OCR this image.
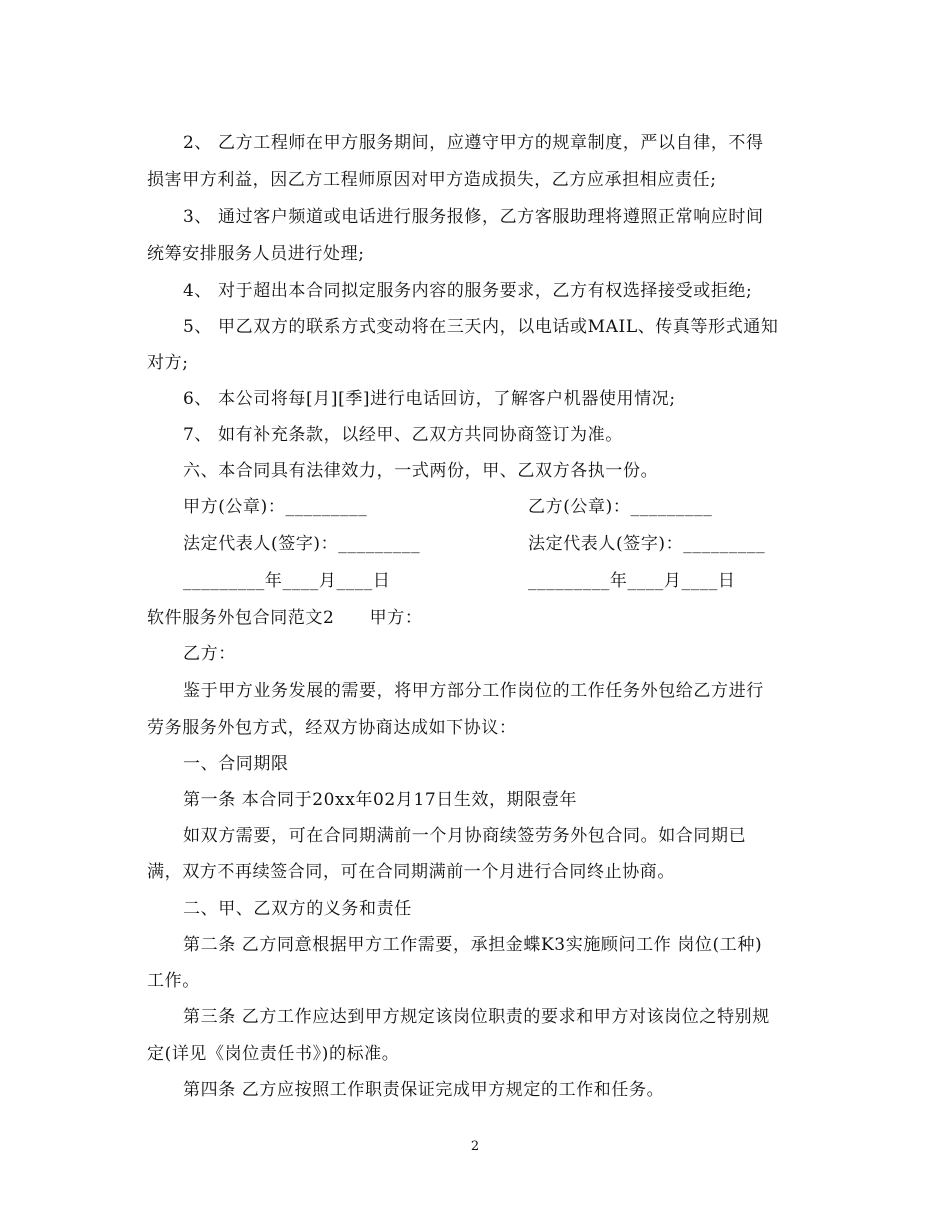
2、 乙方工程师在甲方服务期间，应遵守甲方的规章制度，严以自律，不得
损害甲方利益，因乙方工程师原因对甲方造成损失，乙方应承担相应责任;
3、 通过客户频道或电话进行服务报修，乙方客服助理将遵照正常响应时间
统筹安排服务人员进行处理;
4、 对于超出本合同拟定服务内容的服务要求，乙方有权选择接受或拒绝;
5、 甲乙双方的联系方式变动将在三天内，以电话或MAIL、传真等形式通知
对方;
6、 本公司将每[月][季]进行电话回访，了解客户机器使用情况;
7、 如有补充条款，以经甲、乙双方共同协商签订为准。
六、本合同具有法律效力，一式两份，甲、乙双方各执一份。
甲方(公章)：_________	乙方(公章)：_________
法定代表人(签字)：_________	法定代表人(签字)：_________
_________年____月____日	_________年____月____日
软件服务外包合同范文2　　甲方：
乙方：
鉴于甲方业务发展的需要，将甲方部分工作岗位的工作任务外包给乙方进行
劳务服务外包方式，经双方协商达成如下协议：
一、合同期限
第一条 本合同于20xx年02月17日生效，期限壹年
如双方需要，可在合同期满前一个月协商续签劳务外包合同。如合同期已
满，双方不再续签合同，可在合同期满前一个月进行合同终止协商。
二、甲、乙双方的义务和责任
第二条 乙方同意根据甲方工作需要，承担金蝶K3实施顾问工作 岗位(工种)
工作。
第三条 乙方工作应达到甲方规定该岗位职责的要求和甲方对该岗位之特别规
定(详见《岗位责任书》)的标准。
第四条 乙方应按照工作职责保证完成甲方规定的工作和任务。
2
